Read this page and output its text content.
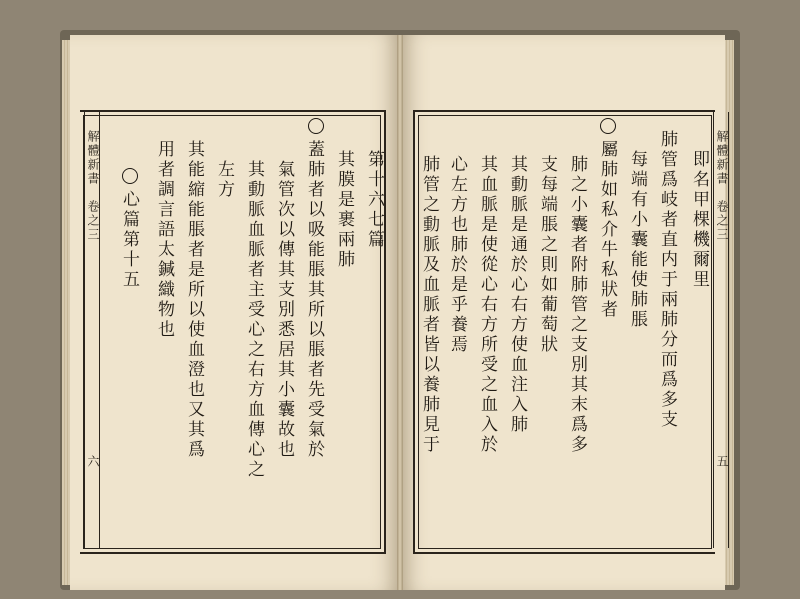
解體新書
卷之三
五
即名甲棵機爾里
肺管爲岐者直内于兩肺分而爲多支
每端有小囊能使肺脹
屬肺如私介牛私狀者
肺之小囊者附肺管之支別其末爲多
支每端脹之則如葡萄狀
其動脈是通於心右方使血注入肺
其血脈是使從心右方所受之血入於
心左方也肺於是乎養焉
肺管之動脈及血脈者皆以養肺見于
解體新書
卷之三
六
第十六七篇
其膜是裹兩肺
蓋肺者以吸能脹其所以脹者先受氣於
氣管次以傳其支別悉居其小囊故也
其動脈血脈者主受心之右方血傳心之
左方
其能縮能脹者是所以使血澄也又其爲
用者調言語太鍼織物也
心篇第十五
